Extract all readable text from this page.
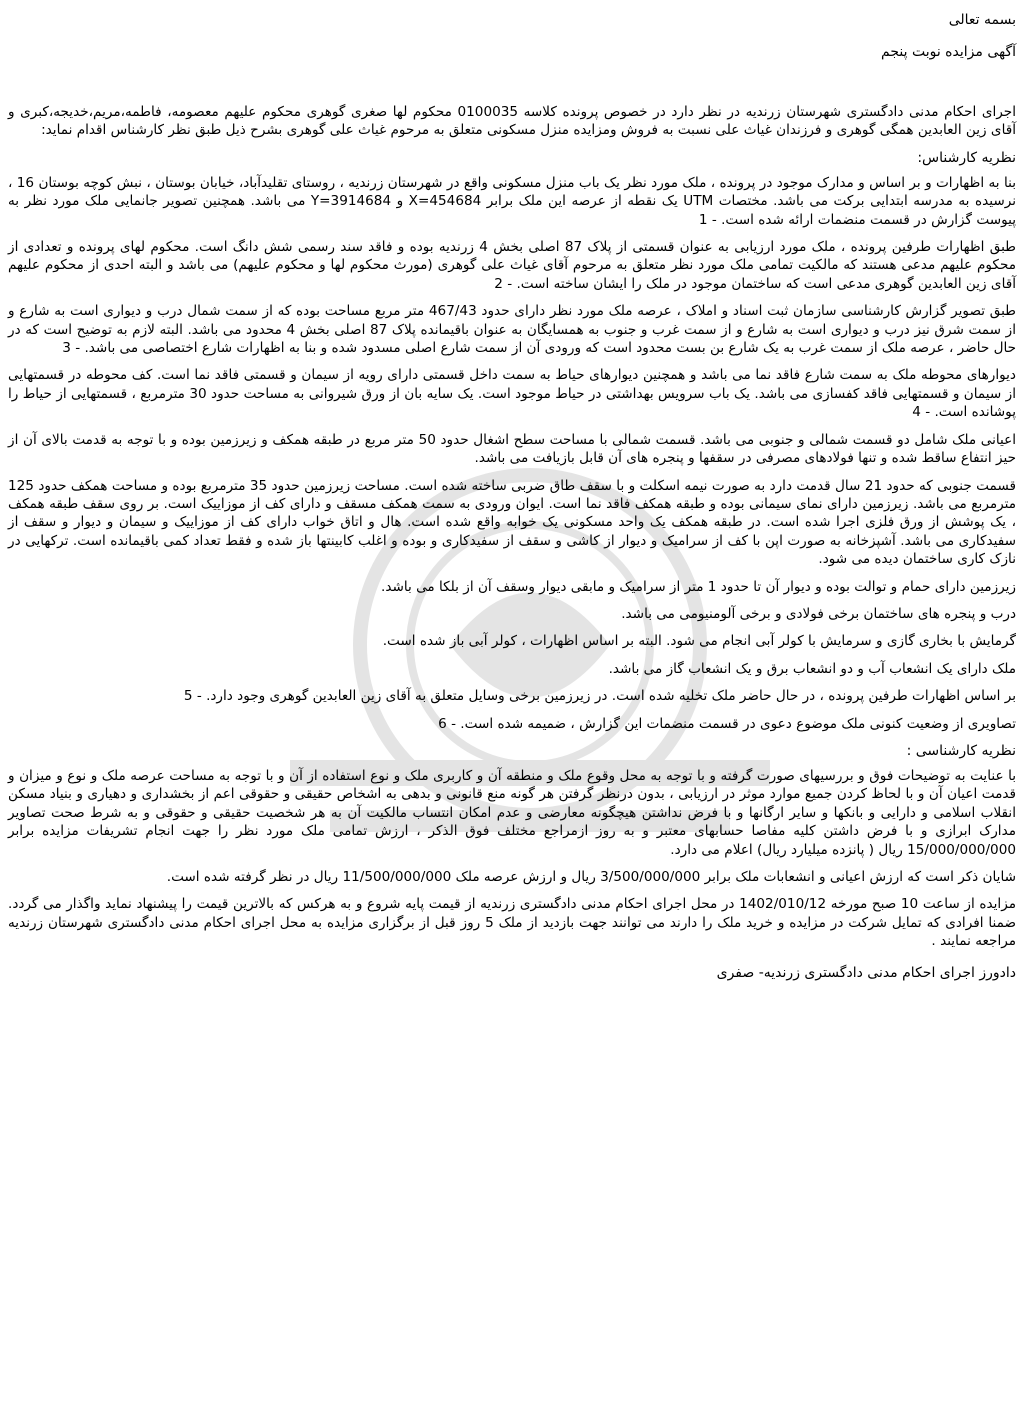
بسمه تعالی

آگهی مزایده نوبت پنجم

اجرای احکام مدنی دادگستری شهرستان زرندیه در نظر دارد در خصوص پرونده کلاسه 0100035 محکوم لها صغری گوهری محکوم علیهم معصومه، فاطمه،مریم،خدیجه،کبری و آقای زین العابدین همگی گوهری و فرزندان غیاث علی نسبت به فروش ومزایده منزل مسکونی متعلق به مرحوم غیاث علی گوهری بشرح ذیل طبق نظر کارشناس اقدام نماید:

نظریه کارشناس:

بنا به اظهارات و بر اساس و مدارک موجود در پرونده ، ملک مورد نظر یک باب منزل مسکونی واقع در شهرستان زرندیه ، روستای تقلیدآباد، خیابان بوستان ، نبش کوچه بوستان 16 ، نرسیده به مدرسه ابتدایی برکت می باشد. مختصات UTM یک نقطه از عرصه این ملک برابر X=454684 و Y=3914684 می باشد. همچنین تصویر جانمایی ملک مورد نظر به پیوست گزارش در قسمت منضمات ارائه شده است. - 1

طبق اظهارات طرفین پرونده ، ملک مورد ارزیابی به عنوان قسمتی از پلاک 87 اصلی بخش 4 زرندیه بوده و فاقد سند رسمی شش دانگ است. محکوم لهای پرونده و تعدادی از محکوم علیهم مدعی هستند که مالکیت تمامی ملک مورد نظر متعلق به مرحوم آقای غیاث علی گوهری (مورث محکوم لها و محکوم علیهم) می باشد و البته احدی از محکوم علیهم آقای زین العابدین گوهری مدعی است که ساختمان موجود در ملک را ایشان ساخته است. - 2

طبق تصویر گزارش کارشناسی سازمان ثبت اسناد و املاک ، عرصه ملک مورد نظر دارای حدود 467/43 متر مربع مساحت بوده که از سمت شمال درب و دیواری است به شارع و از سمت شرق نیز درب و دیواری است به شارع و از سمت غرب و جنوب به همسایگان به عنوان باقیمانده پلاک 87 اصلی بخش 4 محدود می باشد. البته لازم به توضیح است که در حال حاضر ، عرصه ملک از سمت غرب به یک شارع بن بست محدود است که ورودی آن از سمت شارع اصلی مسدود شده و بنا به اظهارات شارع اختصاصی می باشد. - 3

دیوارهای محوطه ملک به سمت شارع فاقد نما می باشد و همچنین دیوارهای حیاط به سمت داخل قسمتی دارای رویه از سیمان و قسمتی فاقد نما است. کف محوطه در قسمتهایی از سیمان و قسمتهایی فاقد کفسازی می باشد. یک باب سرویس بهداشتی در حیاط موجود است. یک سایه بان از ورق شیروانی به مساحت حدود 30 مترمربع ، قسمتهایی از حیاط را پوشانده است. - 4

اعیانی ملک شامل دو قسمت شمالی و جنوبی می باشد. قسمت شمالی با مساحت سطح اشغال حدود 50 متر مربع در طبقه همکف و زیرزمین بوده و با توجه به قدمت بالای آن از حیز انتفاع ساقط شده و تنها فولادهای مصرفی در سقفها و پنجره های آن قابل بازیافت می باشد.

قسمت جنوبی که حدود 21 سال قدمت دارد به صورت نیمه اسکلت و با سقف طاق ضربی ساخته شده است. مساحت زیرزمین حدود 35 مترمربع بوده و مساحت همکف حدود 125 مترمربع می باشد. زیرزمین دارای نمای سیمانی بوده و طبقه همکف فاقد نما است. ایوان ورودی به سمت همکف مسقف و دارای کف از موزاییک است. بر روی سقف طبقه همکف ، یک پوشش از ورق فلزی اجرا شده است. در طبقه همکف یک واحد مسکونی یک خوابه واقع شده است. هال و اتاق خواب دارای کف از موزاییک و سیمان و دیوار و سقف از سفیدکاری می باشد. آشپزخانه به صورت اپن با کف از سرامیک و دیوار از کاشی و سقف از سفیدکاری و بوده و اغلب کابینتها باز شده و فقط تعداد کمی باقیمانده است. ترکهایی در نازک کاری ساختمان دیده می شود.

زیرزمین دارای حمام و توالت بوده و دیوار آن تا حدود 1 متر از سرامیک و مابقی دیوار وسقف آن از بلکا می باشد.

درب و پنجره های ساختمان برخی فولادی و برخی آلومنیومی می باشد.

گرمایش با بخاری گازی و سرمایش با کولر آبی انجام می شود. البته بر اساس اظهارات ، کولر آبی باز شده است.

ملک دارای یک انشعاب آب و دو انشعاب برق و یک انشعاب گاز می باشد.

بر اساس اظهارات طرفین پرونده ، در حال حاضر ملک تخلیه شده است. در زیرزمین برخی وسایل متعلق به آقای زین العابدین گوهری وجود دارد. - 5

تصاویری از وضعیت کنونی ملک موضوع دعوی در قسمت منضمات این گزارش ، ضمیمه شده است. - 6

نظریه کارشناسی :

با عنایت به توضیحات فوق و بررسیهای صورت گرفته و با توجه به محل وقوع ملک و منطقه آن و کاربری ملک و نوع استفاده از آن و با توجه به مساحت عرصه ملک و نوع و میزان و قدمت اعیان آن و با لحاظ کردن جمیع موارد موثر در ارزیابی ، بدون درنظر گرفتن هر گونه منع قانونی و بدهی به اشخاص حقیقی و حقوقی اعم از بخشداری و دهیاری و بنیاد مسکن انقلاب اسلامی و دارایی و بانکها و سایر ارگانها و با فرض نداشتن هیچگونه معارضی و عدم امکان انتساب مالکیت آن به هر شخصیت حقیقی و حقوقی و به شرط صحت تصاویر مدارک ابرازی و با فرض داشتن کلیه مفاصا حسابهای معتبر و به روز ازمراجع مختلف فوق الذکر ، ارزش تمامی ملک مورد نظر را جهت انجام تشریفات مزایده برابر 15/000/000/000 ریال ( پانزده میلیارد ریال) اعلام می دارد.

شایان ذکر است که ارزش اعیانی و انشعابات ملک برابر 3/500/000/000 ریال و ارزش عرصه ملک 11/500/000/000 ریال در نظر گرفته شده است.

مزایده از ساعت 10 صبح مورخه 1402/010/12 در محل اجرای احکام مدنی دادگستری زرندیه از قیمت پایه شروع و به هرکس که بالاترین قیمت را پیشنهاد نماید واگذار می گردد. ضمنا افرادی که تمایل شرکت در مزایده و خرید ملک را دارند می توانند جهت بازدید از ملک 5 روز قبل از برگزاری مزایده به محل اجرای احکام مدنی دادگستری شهرستان زرندیه مراجعه نمایند .

دادورز اجرای احکام مدنی دادگستری زرندیه- صفری
